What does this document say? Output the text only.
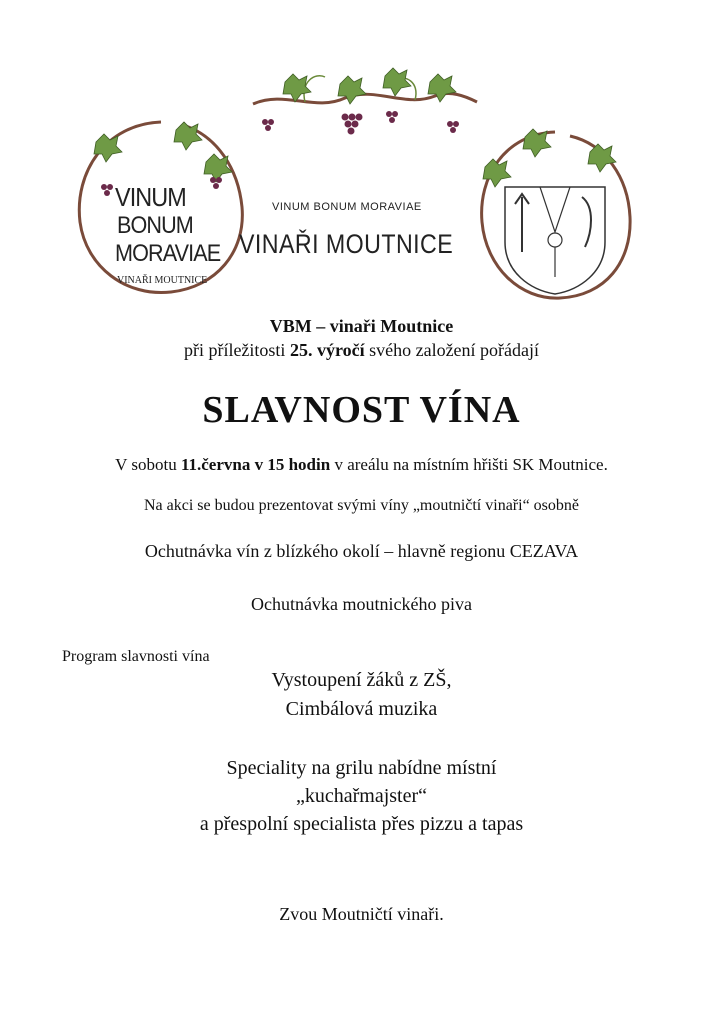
VINUM
BONUM
MORAVIAE
VINAŘI MOUTNICE
VINUM BONUM MORAVIAE
VINAŘI MOUTNICE
VBM – vinaři Moutnice
při příležitosti 25. výročí svého založení pořádají
SLAVNOST VÍNA
V sobotu 11.června v 15 hodin v areálu na místním hřišti SK Moutnice.
Na akci se budou prezentovat svými víny „moutničtí vinaři“ osobně
Ochutnávka vín z blízkého okolí – hlavně regionu CEZAVA
Ochutnávka moutnického piva
Program slavnosti vína
Vystoupení žáků z ZŠ,
Cimbálová muzika
Speciality na grilu nabídne místní
„kuchařmajster“
a přespolní specialista přes pizzu a tapas
Zvou Moutničtí vinaři.
